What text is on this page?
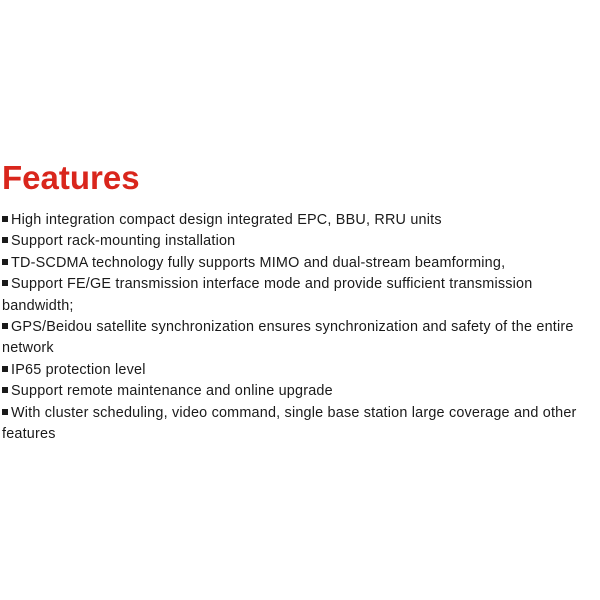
Features
High integration compact design integrated EPC, BBU, RRU units
Support rack-mounting installation
TD-SCDMA technology fully supports MIMO and dual-stream beamforming,
Support FE/GE transmission interface mode and provide sufficient transmission bandwidth;
GPS/Beidou satellite synchronization ensures synchronization and safety of the entire network
IP65 protection level
Support remote maintenance and online upgrade
With cluster scheduling, video command, single base station large coverage and other features
